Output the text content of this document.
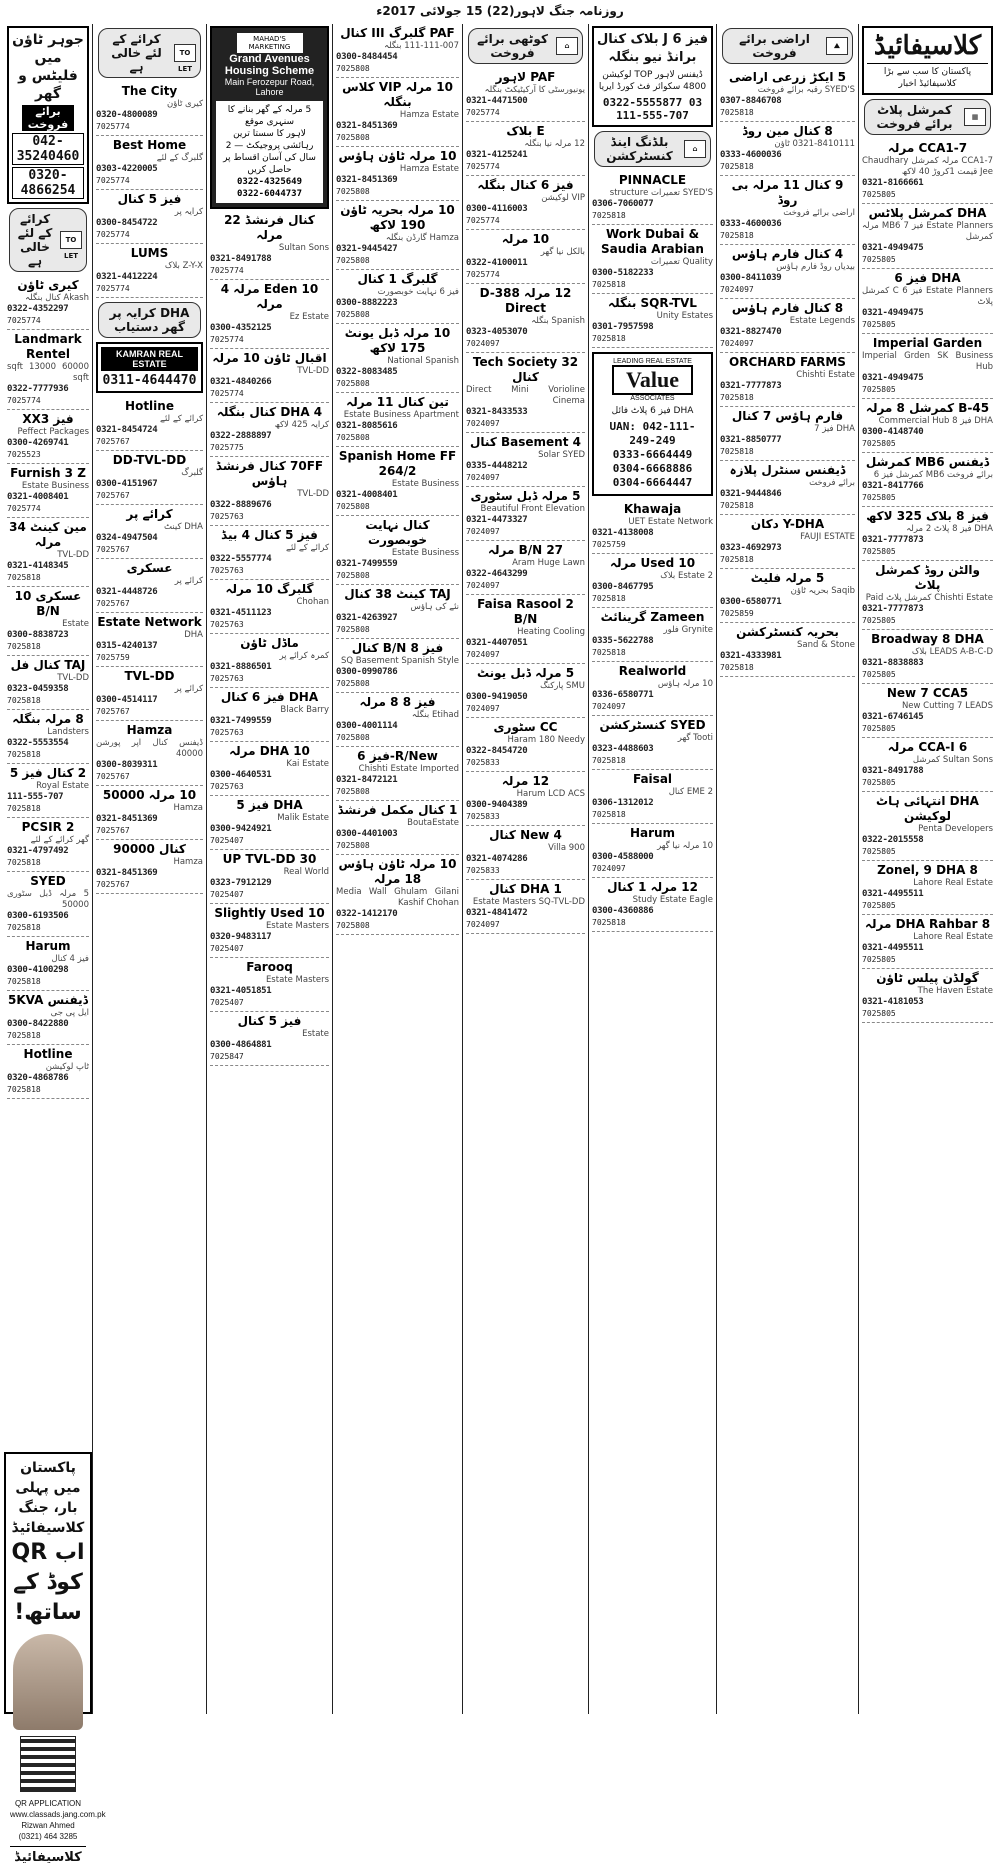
روزنامہ جنگ لاہور(22) 15 جولائی 2017ء
کلاسیفائیڈ
پاکستان کا سب سے بڑا کلاسیفائیڈ اخبار
▦
کمرشل پلاٹ برائے فروخت
CCA1-7 مرلہ
CCA1-7 مرلہ کمرشل Chaudhary Jee قیمت 1کروڑ 40 لاکھ
0321-8166661
7025805
DHA کمرشل پلاٹس
Estate Planners فیز 7 MB6 مرلہ کمرشل
0321-4949475
7025805
DHA فیز 6
Estate Planners فیز 6 C کمرشل پلاٹ
0321-4949475
7025805
Imperial Garden
Imperial Grden SK Business Hub
0321-4949475
7025805
B-45 کمرشل 8 مرلہ
DHA فیز 8 Commercial Hub
0300-4148740
7025805
ڈیفنس MB6 کمرشل
برائے فروخت MB6 کمرشل فیز 6
0321-8417766
7025805
فیز 8 بلاک 325 لاکھ
DHA فیز 8 پلاٹ 2 مرلہ
0321-7777873
7025805
والٹن روڈ کمرشل پلاٹ
Chishti Estate کمرشل پلاٹ Paid
0321-7777873
7025805
Broadway 8 DHA
LEADS A-B-C-D بلاک
0321-8838883
7025805
New 7 CCA5
New Cutting 7 LEADS
0321-6746145
7025805
CCA-I 6 مرلہ
Sultan Sons کمرشل
0321-8491788
7025805
DHA انتہائی ہاٹ لوکیشن
Penta Developers
0322-2015558
7025805
Zonel, 9 DHA 8
Lahore Real Estate
0321-4495511
7025805
DHA Rahbar 8 مرلہ
Lahore Real Estate
0321-4495511
7025805
گولڈن پیلس ٹاؤن
The Haven Estate
0321-4181053
7025805
⛰
اراضی برائے فروخت
5 ایکڑ زرعی اراضی
SYED'S رقبہ برائے فروخت
0307-8846708
7025818
8 کنال مین روڈ
0321-8410111 ٹاؤن
0333-4600036
7025818
9 کنال 11 مرلہ بی روڈ
اراضی برائے فروخت
0333-4600036
7025818
4 کنال فارم ہاؤس
بیدیاں روڈ فارم ہاؤس
0300-8411039
7024097
8 کنال فارم ہاؤس
Estate Legends
0321-8827470
7024097
ORCHARD FARMS
Chishti Estate
0321-7777873
7025818
فارم ہاؤس 7 کنال
DHA فیز 7
0321-8850777
7025818
ڈیفنس سنٹرل پلازہ
برائے فروخت
0321-9444846
7025818
Y-DHA دکان
FAUJI ESTATE
0323-4692973
7025818
5 مرلہ فلیٹ
Saqib بحریہ ٹاؤن
0300-6580771
7025859
بحریہ کنسٹرکشن
Sand & Stone
0321-4333981
7025818
فیز 6 J بلاک کنال برانڈ نیو بنگلہ
ڈیفنس لاہور TOP لوکیشن 4800 سکوائر فٹ کورڈ ایریا
0322-5555877 03 111-555-707
⌂
بلڈنگ اینڈ کنسٹرکشن
PINNACLE
SYED'S تعمیرات structure
0306-7060077
7025818
Work Dubai & Saudia Arabian
Quality تعمیرات
0300-5182233
7025818
SQR-TVL بنگلہ
Unity Estates
0301-7957598
7025818
LEADING REAL ESTATE
Value
ASSOCIATES
DHA فیز 6 پلاٹ فائل
UAN: 042-111-249-249
0333-6664449
0304-6668886
0304-6664447
Khawaja
UET Estate Network
0321-4138008
7025759
Used 10 مرلہ
Estate 2 بلاک
0300-8467795
7025818
Zameen گرینائٹ
Grynite فلور
0335-5622788
7025818
Realworld
10 مرلہ ہاؤس
0336-6580771
7024097
SYED کنسٹرکشن
Tooti گھر
0323-4488603
7025818
Faisal
EME 2 کنال
0306-1312012
7025818
Harum
10 مرلہ نیا گھر
0300-4588000
7024097
12 مرلہ 1 کنال
Study Estate Eagle
0300-4360886
7025818
⌂
کوٹھی برائے فروخت
PAF لاہور
یونیورسٹی کا آرکیٹیکٹ بنگلہ
0321-4471500
7025774
E بلاک
12 مرلہ نیا بنگلہ
0321-4125241
7025774
فیز 6 کنال بنگلہ
VIP لوکیشن
0300-4116003
7025774
10 مرلہ
بالکل نیا گھر
0322-4100011
7025774
12 مرلہ D-388 Direct
Spanish بنگلہ
0323-4053070
7024097
32 Tech Society کنال
Direct Mini Vorioline Cinema
0321-8433533
7024097
4 Basement کنال
Solar SYED
0335-4448212
7024097
5 مرلہ ڈبل سٹوری
Beautiful Front Elevation
0321-4473327
7024097
27 B/N مرلہ
Aram Huge Lawn
0322-4643299
7024097
2 Faisa Rasool B/N
Heating Cooling
0321-4407051
7024097
5 مرلہ ڈبل یونٹ
SMU پارکنگ
0300-9419050
7024097
CC سٹوری
Haram 180 Needy
0322-8454720
7025833
12 مرلہ
Harum LCD ACS
0300-9404389
7025833
4 New کنال
900 Villa
0321-4074286
7025833
DHA 1 کنال
Estate Masters SQ-TVL-DD
0321-4841472
7024097
PAF گلبرگ III کنال
111-111-007 بنگلہ
0300-8484454
7025808
10 مرلہ VIP کلاس بنگلہ
Hamza Estate
0321-8451369
7025808
10 مرلہ ٹاؤن ہاؤس
Hamza Estate
0321-8451369
7025808
10 مرلہ بحریہ ٹاؤن 190 لاکھ
Hamza گارڈن بنگلہ
0321-9445427
7025808
گلبرگ 1 کنال
فیز 6 نہایت خوبصورت
0300-8882223
7025808
10 مرلہ ڈبل یونٹ 175 لاکھ
National Spanish
0322-8083485
7025808
تین کنال 11 مرلہ
Estate Business Apartment
0321-8085616
7025808
Spanish Home FF 264/2
Estate Business
0321-4008401
7025808
کنال نہایت خوبصورت
Estate Business
0321-7499559
7025808
TAJ کینٹ 38 کنال
نئے کی ہاؤس
0321-4263927
7025808
فیز 8 B/N کنال
SQ Basement Spanish Style
0300-0990786
7025808
فیز 8 8 مرلہ
Etihad بنگلہ
0300-4001114
7025808
R/New-فیز 6
Chishti Estate Imported
0321-8472121
7025808
1 کنال مکمل فرنشڈ
BoutaEstate
0300-4401003
7025808
10 مرلہ ٹاؤن ہاؤس 18 مرلہ
Media Wall Ghulam Gilani Kashif Chohan
0322-1412170
7025808
MAHAD'S MARKETING
Grand Avenues Housing Scheme
Main Ferozepur Road, Lahore
5 مرلہ کے گھر بنانے کا سنہری موقع
لاہور کا سستا ترین رہائشی پروجیکٹ — 2 سال کی آسان اقساط پر حاصل کریں
0322-4325649
0322-6044737
کنال فرنشڈ 22 مرلہ
Sultan Sons
0321-8491788
7025774
Eden 10 مرلہ 4 مرلہ
Ez Estate
0300-4352125
7025774
اقبال ٹاؤن 10 مرلہ
TVL-DD
0321-4840266
7025774
DHA 4 کنال بنگلہ
کرایہ 425 لاکھ
0322-2888897
7025775
70FF کنال فرنشڈ ہاؤس
TVL-DD
0322-8889676
7025763
فیز 5 کنال 4 بیڈ
کرائے کے لئے
0322-5557774
7025763
گلبرگ 10 مرلہ
Chohan
0321-4511123
7025763
ماڈل ٹاؤن
کمرہ کرائے پر
0321-8886501
7025763
DHA فیز 6 کنال
Black Barry
0321-7499559
7025763
DHA 10 مرلہ
Kai Estate
0300-4640531
7025763
DHA فیز 5
Malik Estate
0300-9424921
7025407
30 UP TVL-DD
Real World
0323-7912129
7025407
10 Slightly Used
Estate Masters
0320-9483117
7025407
Farooq
Estate Masters
0321-4051851
7025407
فیز 5 کنال
Estate
0300-4864881
7025847
TO LET
کرائے کے لئے خالی ہے
The City
کیری ٹاؤن
0320-4800089
7025774
Best Home
گلبرگ کے لئے
0303-4220005
7025774
فیز 5 کنال
کرایہ پر
0300-8454722
7025774
LUMS
Z-Y-X بلاک
0321-4412224
7025774
DHA کرایہ پر گھر دستیاب
KAMRAN REAL ESTATE
0311-4644470
Hotline
کرائے کے لئے
0321-8454724
7025767
DD-TVL-DD
گلبرگ
0300-4151967
7025767
کرائے پر
DHA کینٹ
0324-4947504
7025767
عسکری
کرائے پر
0321-4448726
7025767
Estate Network
DHA
0315-4240137
7025759
TVL-DD
کرائے پر
0300-4514117
7025767
Hamza
ڈیفنس کنال اپر پورشن 40000
0300-8039311
7025767
10 مرلہ 50000
Hamza
0321-8451369
7025767
کنال 90000
Hamza
0321-8451369
7025767
جوہر ٹاؤن میں فلیٹس و گھر
برائے فروخت
042-35240460
0320-4866254
TO LET
کرائے کے لئے خالی ہے
کیری ٹاؤن
Akash کنال بنگلہ
0322-4352297
7025774
Landmark Rentel
60000 sqft 13000 sqft
0322-7777936
7025774
فیز XX3
Peffect Packages
0300-4269741
7025523
Furnish 3 Z
Estate Business
0321-4008401
7025774
مین کینٹ 34 مرلہ
TVL-DD
0321-4148345
7025818
عسکری 10 B/N
Estate
0300-8838723
7025818
TAJ کنال فل
TVL-DD
0323-0459358
7025818
8 مرلہ بنگلہ
Landsters
0322-5553554
7025818
2 کنال فیز 5
Royal Estate
111-555-707
7025818
PCSIR 2
گھر کرائے کے لئے
0321-4797492
7025818
SYED
5 مرلہ ڈبل سٹوری 50000
0300-6193506
7025818
Harum
فیز 4 کنال
0300-4100298
7025818
ڈیفنس 5KVA
ایل پی جی
0300-8422880
7025818
Hotline
ٹاپ لوکیشن
0320-4868786
7025818
پاکستان میں پہلی بار، جنگ کلاسیفائیڈ
اب QR کوڈ کے ساتھ!
QR APPLICATION
www.classads.jang.com.pk
Rizwan Ahmed (0321) 464 3285
کلاسیفائیڈ
